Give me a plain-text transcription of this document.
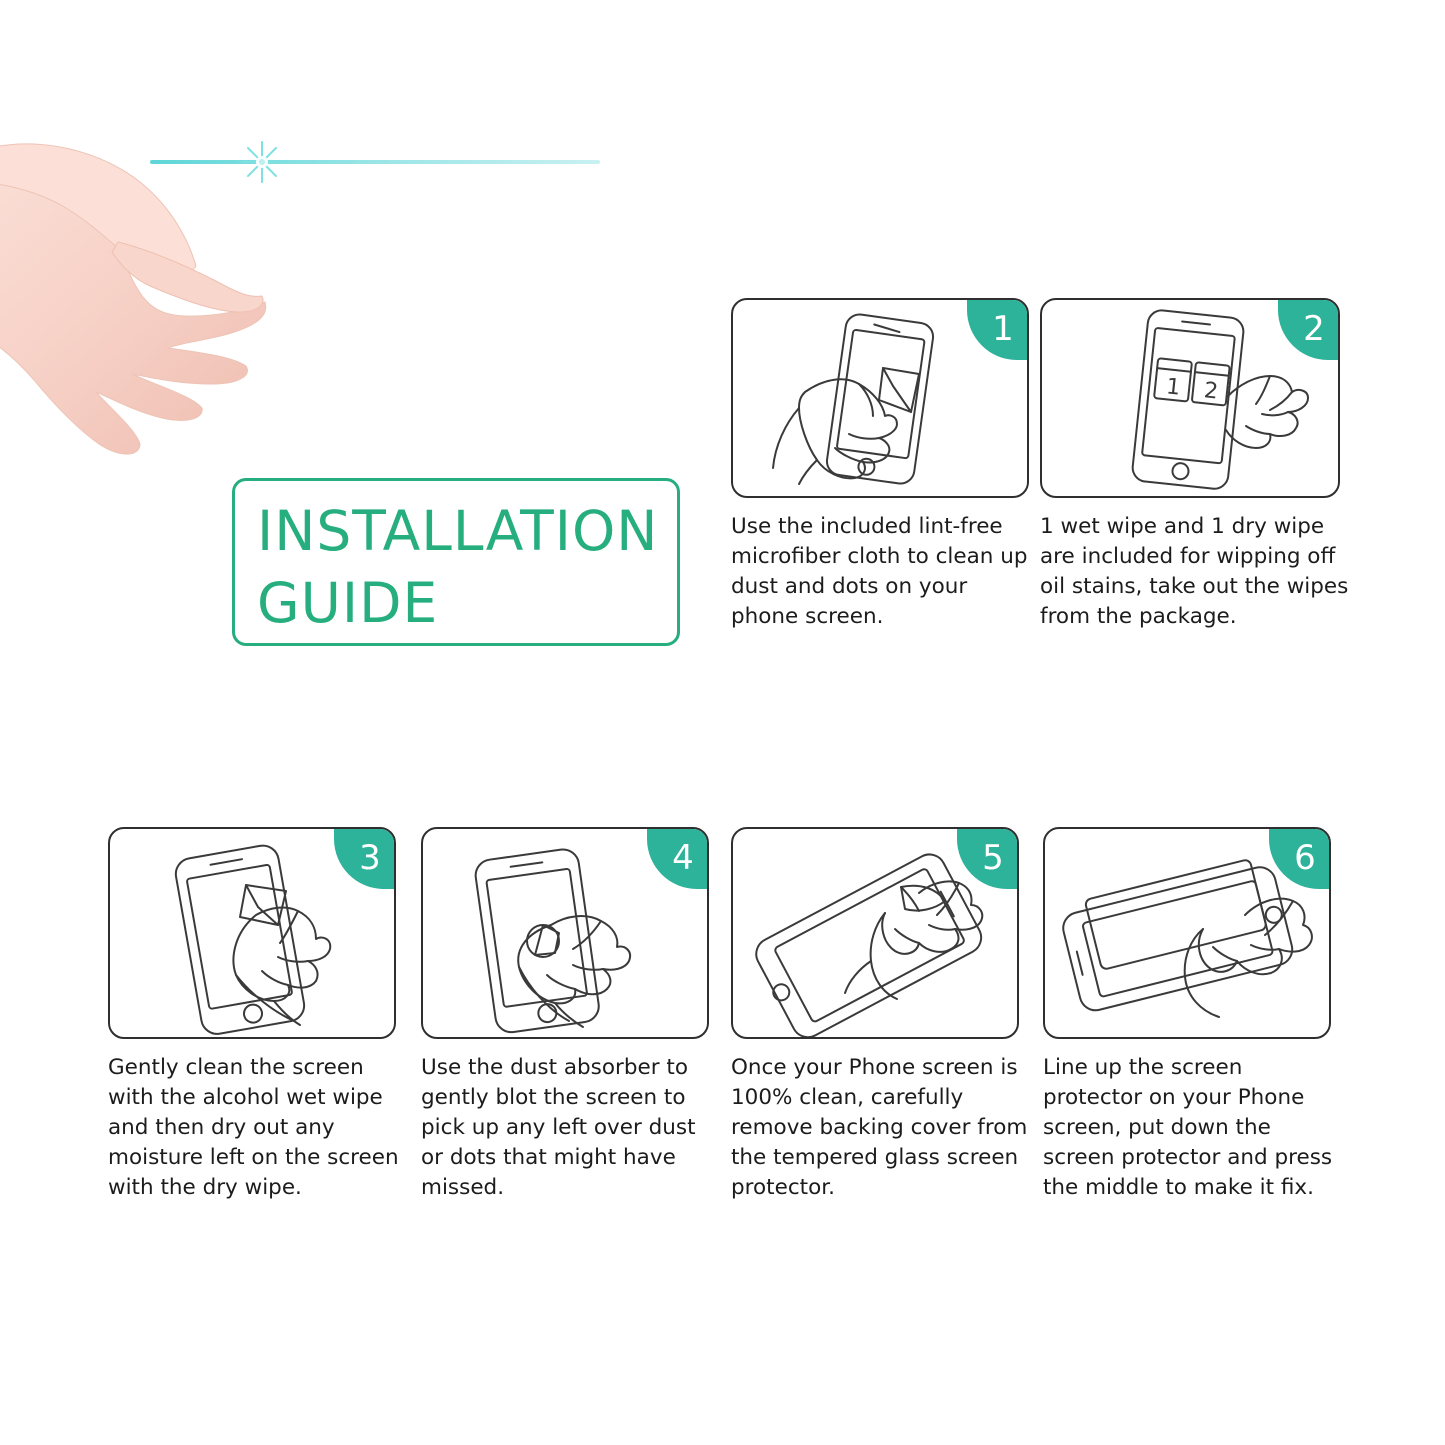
INSTALLATION
GUIDE
1
Use the included lint-free microfiber cloth to clean up dust and dots on your phone screen.
1 2
2
1 wet wipe and 1 dry wipe are included for wipping off oil stains, take out the wipes from the package.
3
Gently clean the screen with the alcohol wet wipe and then dry out any moisture left on the screen with the dry wipe.
4
Use the dust absorber to gently blot the screen to pick up any left over dust or dots that might have missed.
5
Once your Phone screen is 100% clean, carefully remove backing cover from the tempered glass screen protector.
6
Line up the screen protector on your Phone screen, put down the screen protector and press the middle to make it fix.
